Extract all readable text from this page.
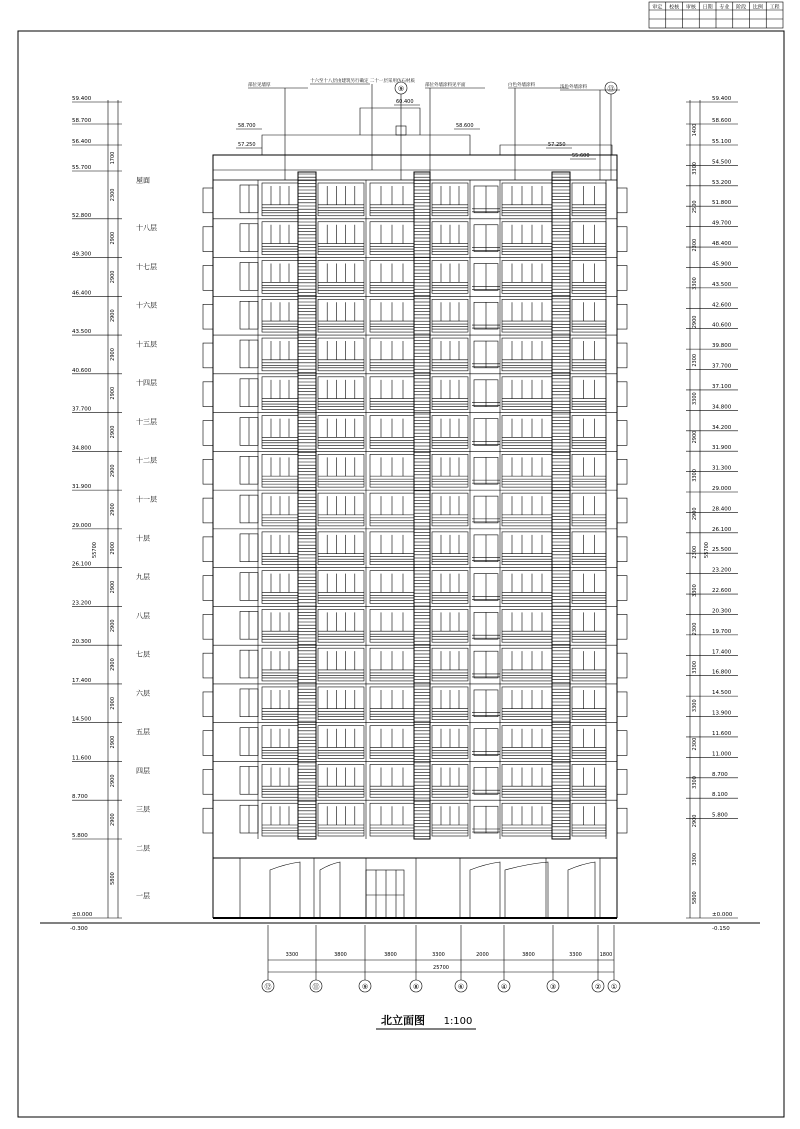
审定 校核 审核 日期 专业 阶段 比例 工程
58.700
57.250
60.400
58.600
57.250
55.600
⑨	⑬
59.400
58.700
56.400
55.700
屋面
52.800
十八层
49.300
十七层
46.400
十六层
43.500
十五层
40.600
十四层
37.700
十三层
34.800
十二层
31.900
十一层
29.000
十层
26.100
九层
23.200
八层
20.300
七层
17.400
六层
14.500
五层
11.600
四层
8.700
三层
5.800
二层
±0.000
一层
1700
2300
2900
2900
2900
2900
2900
2900
2900
2900
2900
2900
2900
2900
2900
2900
2900
2900
5800
55700
-0.300
59.400
58.600
55.100
54.500
53.200
51.800
49.700
48.400
45.900
43.500
42.600
40.600
39.800
37.700
37.100
34.800
34.200
31.900
31.300
29.000
28.400
26.100
25.500
23.200
22.600
20.300
19.700
17.400
16.800
14.500
13.900
11.600
11.000
8.700
8.100
5.800
±0.000
1400
3300
2500
2300
3300
2900
2300
3300
2900
3300
2900
2300
3300
2300
3300
3300
2300
3300
2900
3300
5800
55700
-0.150
⑫	⑪	⑨	⑧	⑥	④	③	② ①
3300	3800	3800	3300	2000	3800	3300	1800
25700
部位见墙厚
十六至十八层由建筑另行确定 二十一层采用仿石材质
部位外墙涂料见平面	白色外墙涂料	浅色外墙涂料
北立面图 1:100
